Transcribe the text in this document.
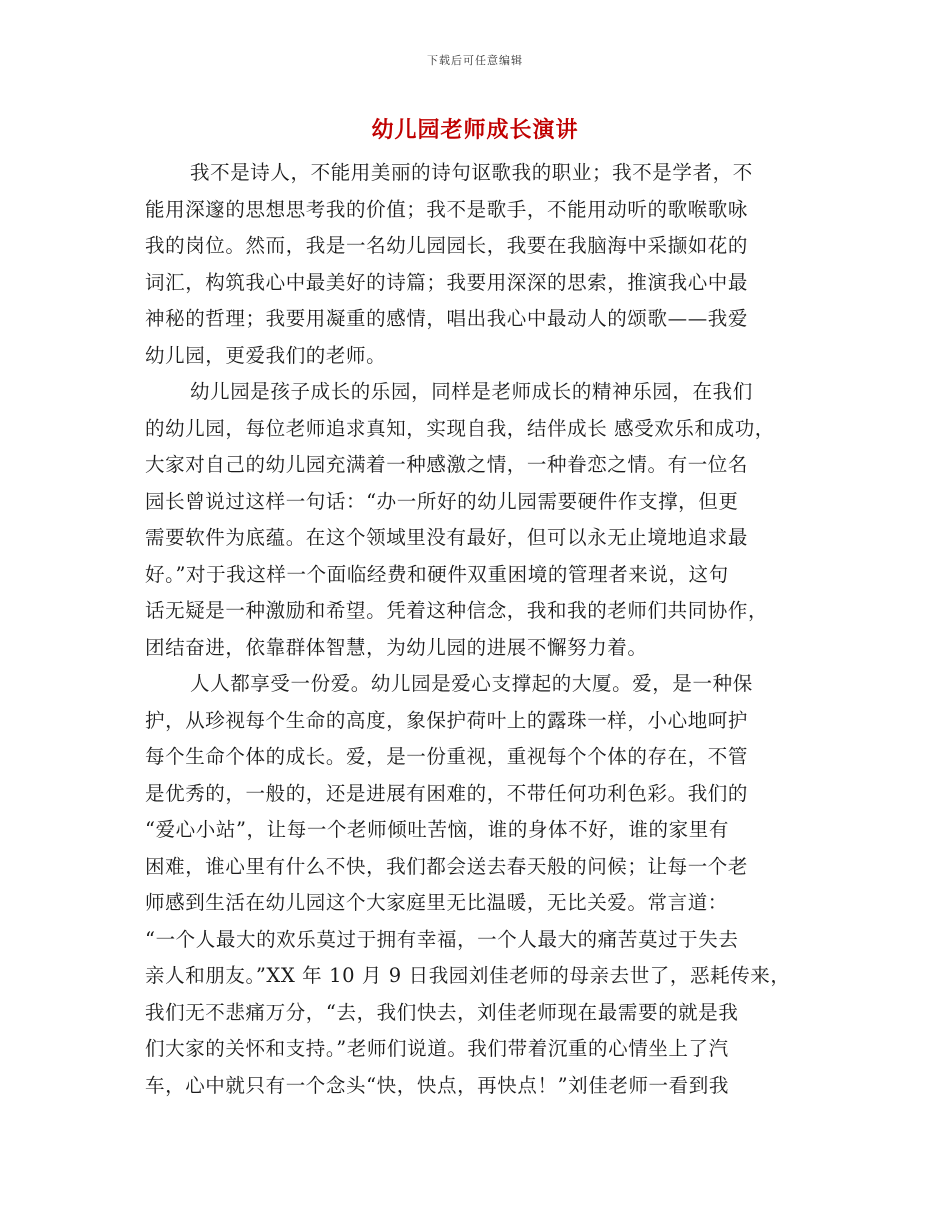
下载后可任意编辑
幼儿园老师成长演讲
我不是诗人，不能用美丽的诗句讴歌我的职业；我不是学者，不
能用深邃的思想思考我的价值；我不是歌手，不能用动听的歌喉歌咏
我的岗位。然而，我是一名幼儿园园长，我要在我脑海中采撷如花的
词汇，构筑我心中最美好的诗篇；我要用深深的思索，推演我心中最
神秘的哲理；我要用凝重的感情，唱出我心中最动人的颂歌——我爱
幼儿园，更爱我们的老师。
幼儿园是孩子成长的乐园，同样是老师成长的精神乐园，在我们
的幼儿园，每位老师追求真知，实现自我，结伴成长 感受欢乐和成功，
大家对自己的幼儿园充满着一种感激之情，一种眷恋之情。有一位名
园长曾说过这样一句话：“办一所好的幼儿园需要硬件作支撑，但更
需要软件为底蕴。在这个领域里没有最好，但可以永无止境地追求最
好。”对于我这样一个面临经费和硬件双重困境的管理者来说，这句
话无疑是一种激励和希望。凭着这种信念，我和我的老师们共同协作，
团结奋进，依靠群体智慧，为幼儿园的进展不懈努力着。
人人都享受一份爱。幼儿园是爱心支撑起的大厦。爱，是一种保
护，从珍视每个生命的高度，象保护荷叶上的露珠一样，小心地呵护
每个生命个体的成长。爱，是一份重视，重视每个个体的存在，不管
是优秀的，一般的，还是进展有困难的，不带任何功利色彩。我们的
“爱心小站”，让每一个老师倾吐苦恼，谁的身体不好，谁的家里有
困难，谁心里有什么不快，我们都会送去春天般的问候；让每一个老
师感到生活在幼儿园这个大家庭里无比温暖，无比关爱。常言道：
“一个人最大的欢乐莫过于拥有幸福，一个人最大的痛苦莫过于失去
亲人和朋友。”XX 年 10 月 9 日我园刘佳老师的母亲去世了，恶耗传来，
我们无不悲痛万分，“去，我们快去，刘佳老师现在最需要的就是我
们大家的关怀和支持。”老师们说道。我们带着沉重的心情坐上了汽
车，心中就只有一个念头“快，快点，再快点！”刘佳老师一看到我
